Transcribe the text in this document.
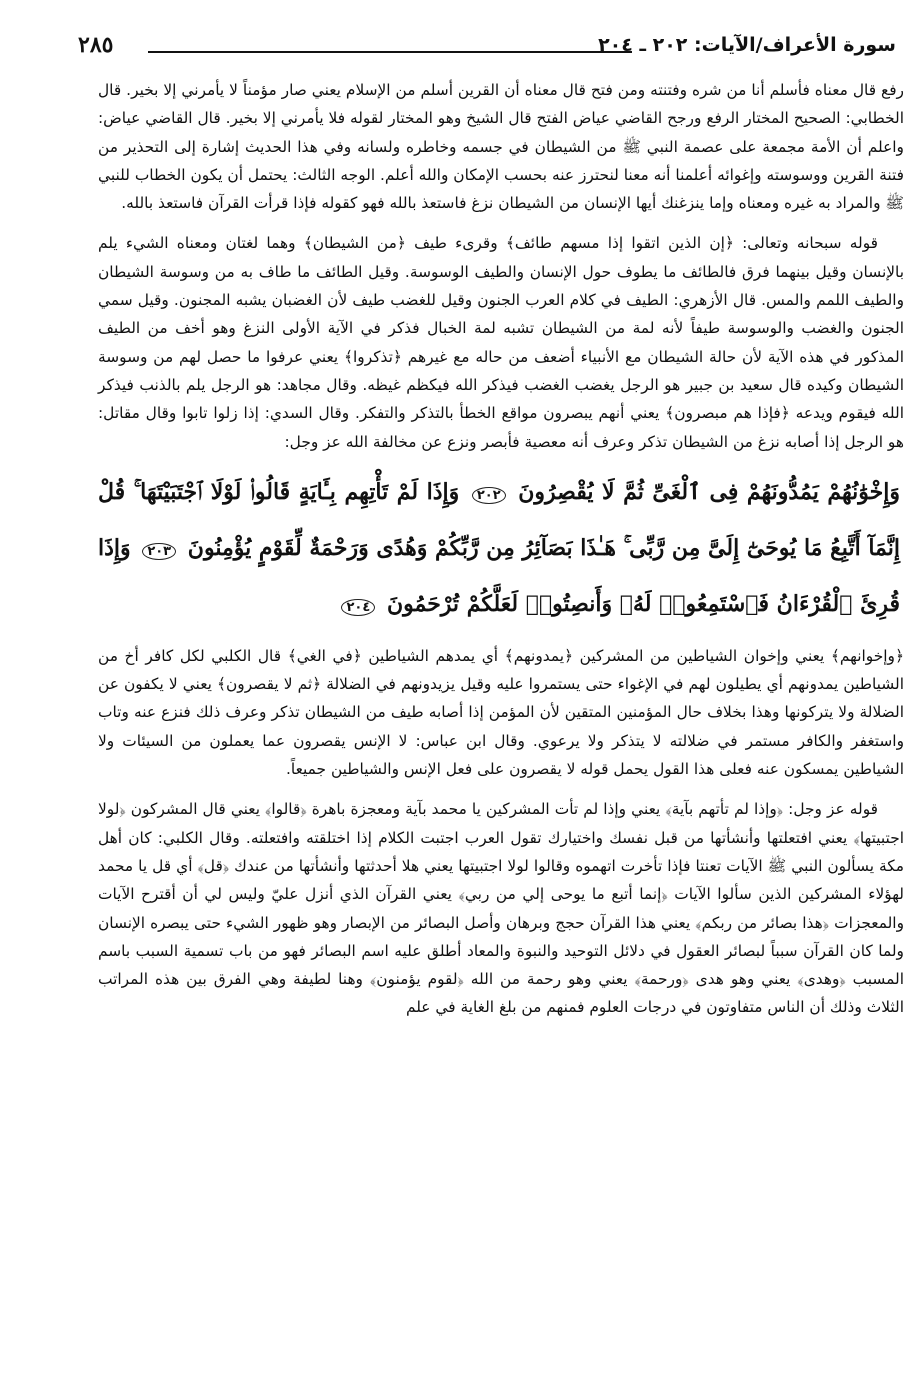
سورة الأعراف/الآيات: ٢٠٢ ـ ٢٠٤
٢٨٥

رفع قال معناه فأسلم أنا من شره وفتنته ومن فتح قال معناه أن القرين أسلم من الإسلام يعني صار مؤمناً لا يأمرني إلا بخير. قال الخطابي: الصحيح المختار الرفع ورجح القاضي عياض الفتح قال الشيخ وهو المختار لقوله فلا يأمرني إلا بخير. قال القاضي عياض: واعلم أن الأمة مجمعة على عصمة النبي ﷺ من الشيطان في جسمه وخاطره ولسانه وفي هذا الحديث إشارة إلى التحذير من فتنة القرين ووسوسته وإغوائه أعلمنا أنه معنا لنحترز عنه بحسب الإمكان والله أعلم. الوجه الثالث: يحتمل أن يكون الخطاب للنبي ﷺ والمراد به غيره ومعناه وإما ينزغنك أيها الإنسان من الشيطان نزغ فاستعذ بالله فهو كقوله فإذا قرأت القرآن فاستعذ بالله.

قوله سبحانه وتعالى: ﴿إن الذين اتقوا إذا مسهم طائف﴾ وقرىء طيف ﴿من الشيطان﴾ وهما لغتان ومعناه الشيء يلم بالإنسان وقيل بينهما فرق فالطائف ما يطوف حول الإنسان والطيف الوسوسة. وقيل الطائف ما طاف به من وسوسة الشيطان والطيف اللمم والمس. قال الأزهري: الطيف في كلام العرب الجنون وقيل للغضب طيف لأن الغضبان يشبه المجنون. وقيل سمي الجنون والغضب والوسوسة طيفاً لأنه لمة من الشيطان تشبه لمة الخبال فذكر في الآية الأولى النزغ وهو أخف من الطيف المذكور في هذه الآية لأن حالة الشيطان مع الأنبياء أضعف من حاله مع غيرهم ﴿تذكروا﴾ يعني عرفوا ما حصل لهم من وسوسة الشيطان وكيده قال سعيد بن جبير هو الرجل يغضب الغضب فيذكر الله فيكظم غيظه. وقال مجاهد: هو الرجل يلم بالذنب فيذكر الله فيقوم ويدعه ﴿فإذا هم مبصرون﴾ يعني أنهم يبصرون مواقع الخطأ بالتذكر والتفكر. وقال السدي: إذا زلوا تابوا وقال مقاتل: هو الرجل إذا أصابه نزغ من الشيطان تذكر وعرف أنه معصية فأبصر ونزع عن مخالفة الله عز وجل:

وَإِخْوَٰنُهُمْ يَمُدُّونَهُمْ فِى ٱلْغَىِّ ثُمَّ لَا يُقْصِرُونَ ٢٠٢ وَإِذَا لَمْ تَأْتِهِم بِـَٔايَةٍ قَالُوا۟ لَوْلَا ٱجْتَبَيْتَهَا ۚ قُلْ إِنَّمَآ أَتَّبِعُ مَا يُوحَىٰٓ إِلَىَّ مِن رَّبِّى ۚ هَـٰذَا بَصَآئِرُ مِن رَّبِّكُمْ وَهُدًى وَرَحْمَةٌ لِّقَوْمٍ يُؤْمِنُونَ ٢٠٣ وَإِذَا قُرِئَ ٱلْقُرْءَانُ فَٱسْتَمِعُوا۟ لَهُۥ وَأَنصِتُوا۟ لَعَلَّكُمْ تُرْحَمُونَ ٢٠٤

﴿وإخوانهم﴾ يعني وإخوان الشياطين من المشركين ﴿يمدونهم﴾ أي يمدهم الشياطين ﴿في الغي﴾ قال الكلبي لكل كافر أخ من الشياطين يمدونهم أي يطيلون لهم في الإغواء حتى يستمروا عليه وقيل يزيدونهم في الضلالة ﴿ثم لا يقصرون﴾ يعني لا يكفون عن الضلالة ولا يتركونها وهذا بخلاف حال المؤمنين المتقين لأن المؤمن إذا أصابه طيف من الشيطان تذكر وعرف ذلك فنزع عنه وتاب واستغفر والكافر مستمر في ضلالته لا يتذكر ولا يرعوي. وقال ابن عباس: لا الإنس يقصرون عما يعملون من السيئات ولا الشياطين يمسكون عنه فعلى هذا القول يحمل قوله لا يقصرون على فعل الإنس والشياطين جميعاً.

قوله عز وجل: ﴿وإذا لم تأتهم بآية﴾ يعني وإذا لم تأت المشركين يا محمد بآية ومعجزة باهرة ﴿قالوا﴾ يعني قال المشركون ﴿لولا اجتبيتها﴾ يعني افتعلتها وأنشأتها من قبل نفسك واختيارك تقول العرب اجتبت الكلام إذا اختلقته وافتعلته. وقال الكلبي: كان أهل مكة يسألون النبي ﷺ الآيات تعنتا فإذا تأخرت اتهموه وقالوا لولا اجتبيتها يعني هلا أحدثتها وأنشأتها من عندك ﴿قل﴾ أي قل يا محمد لهؤلاء المشركين الذين سألوا الآيات ﴿إنما أتبع ما يوحى إلي من ربي﴾ يعني القرآن الذي أنزل عليّ وليس لي أن أقترح الآيات والمعجزات ﴿هذا بصائر من ربكم﴾ يعني هذا القرآن حجج وبرهان وأصل البصائر من الإبصار وهو ظهور الشيء حتى يبصره الإنسان ولما كان القرآن سبباً لبصائر العقول في دلائل التوحيد والنبوة والمعاد أطلق عليه اسم البصائر فهو من باب تسمية السبب باسم المسبب ﴿وهدى﴾ يعني وهو هدى ﴿ورحمة﴾ يعني وهو رحمة من الله ﴿لقوم يؤمنون﴾ وهنا لطيفة وهي الفرق بين هذه المراتب الثلاث وذلك أن الناس متفاوتون في درجات العلوم فمنهم من بلغ الغاية في علم
